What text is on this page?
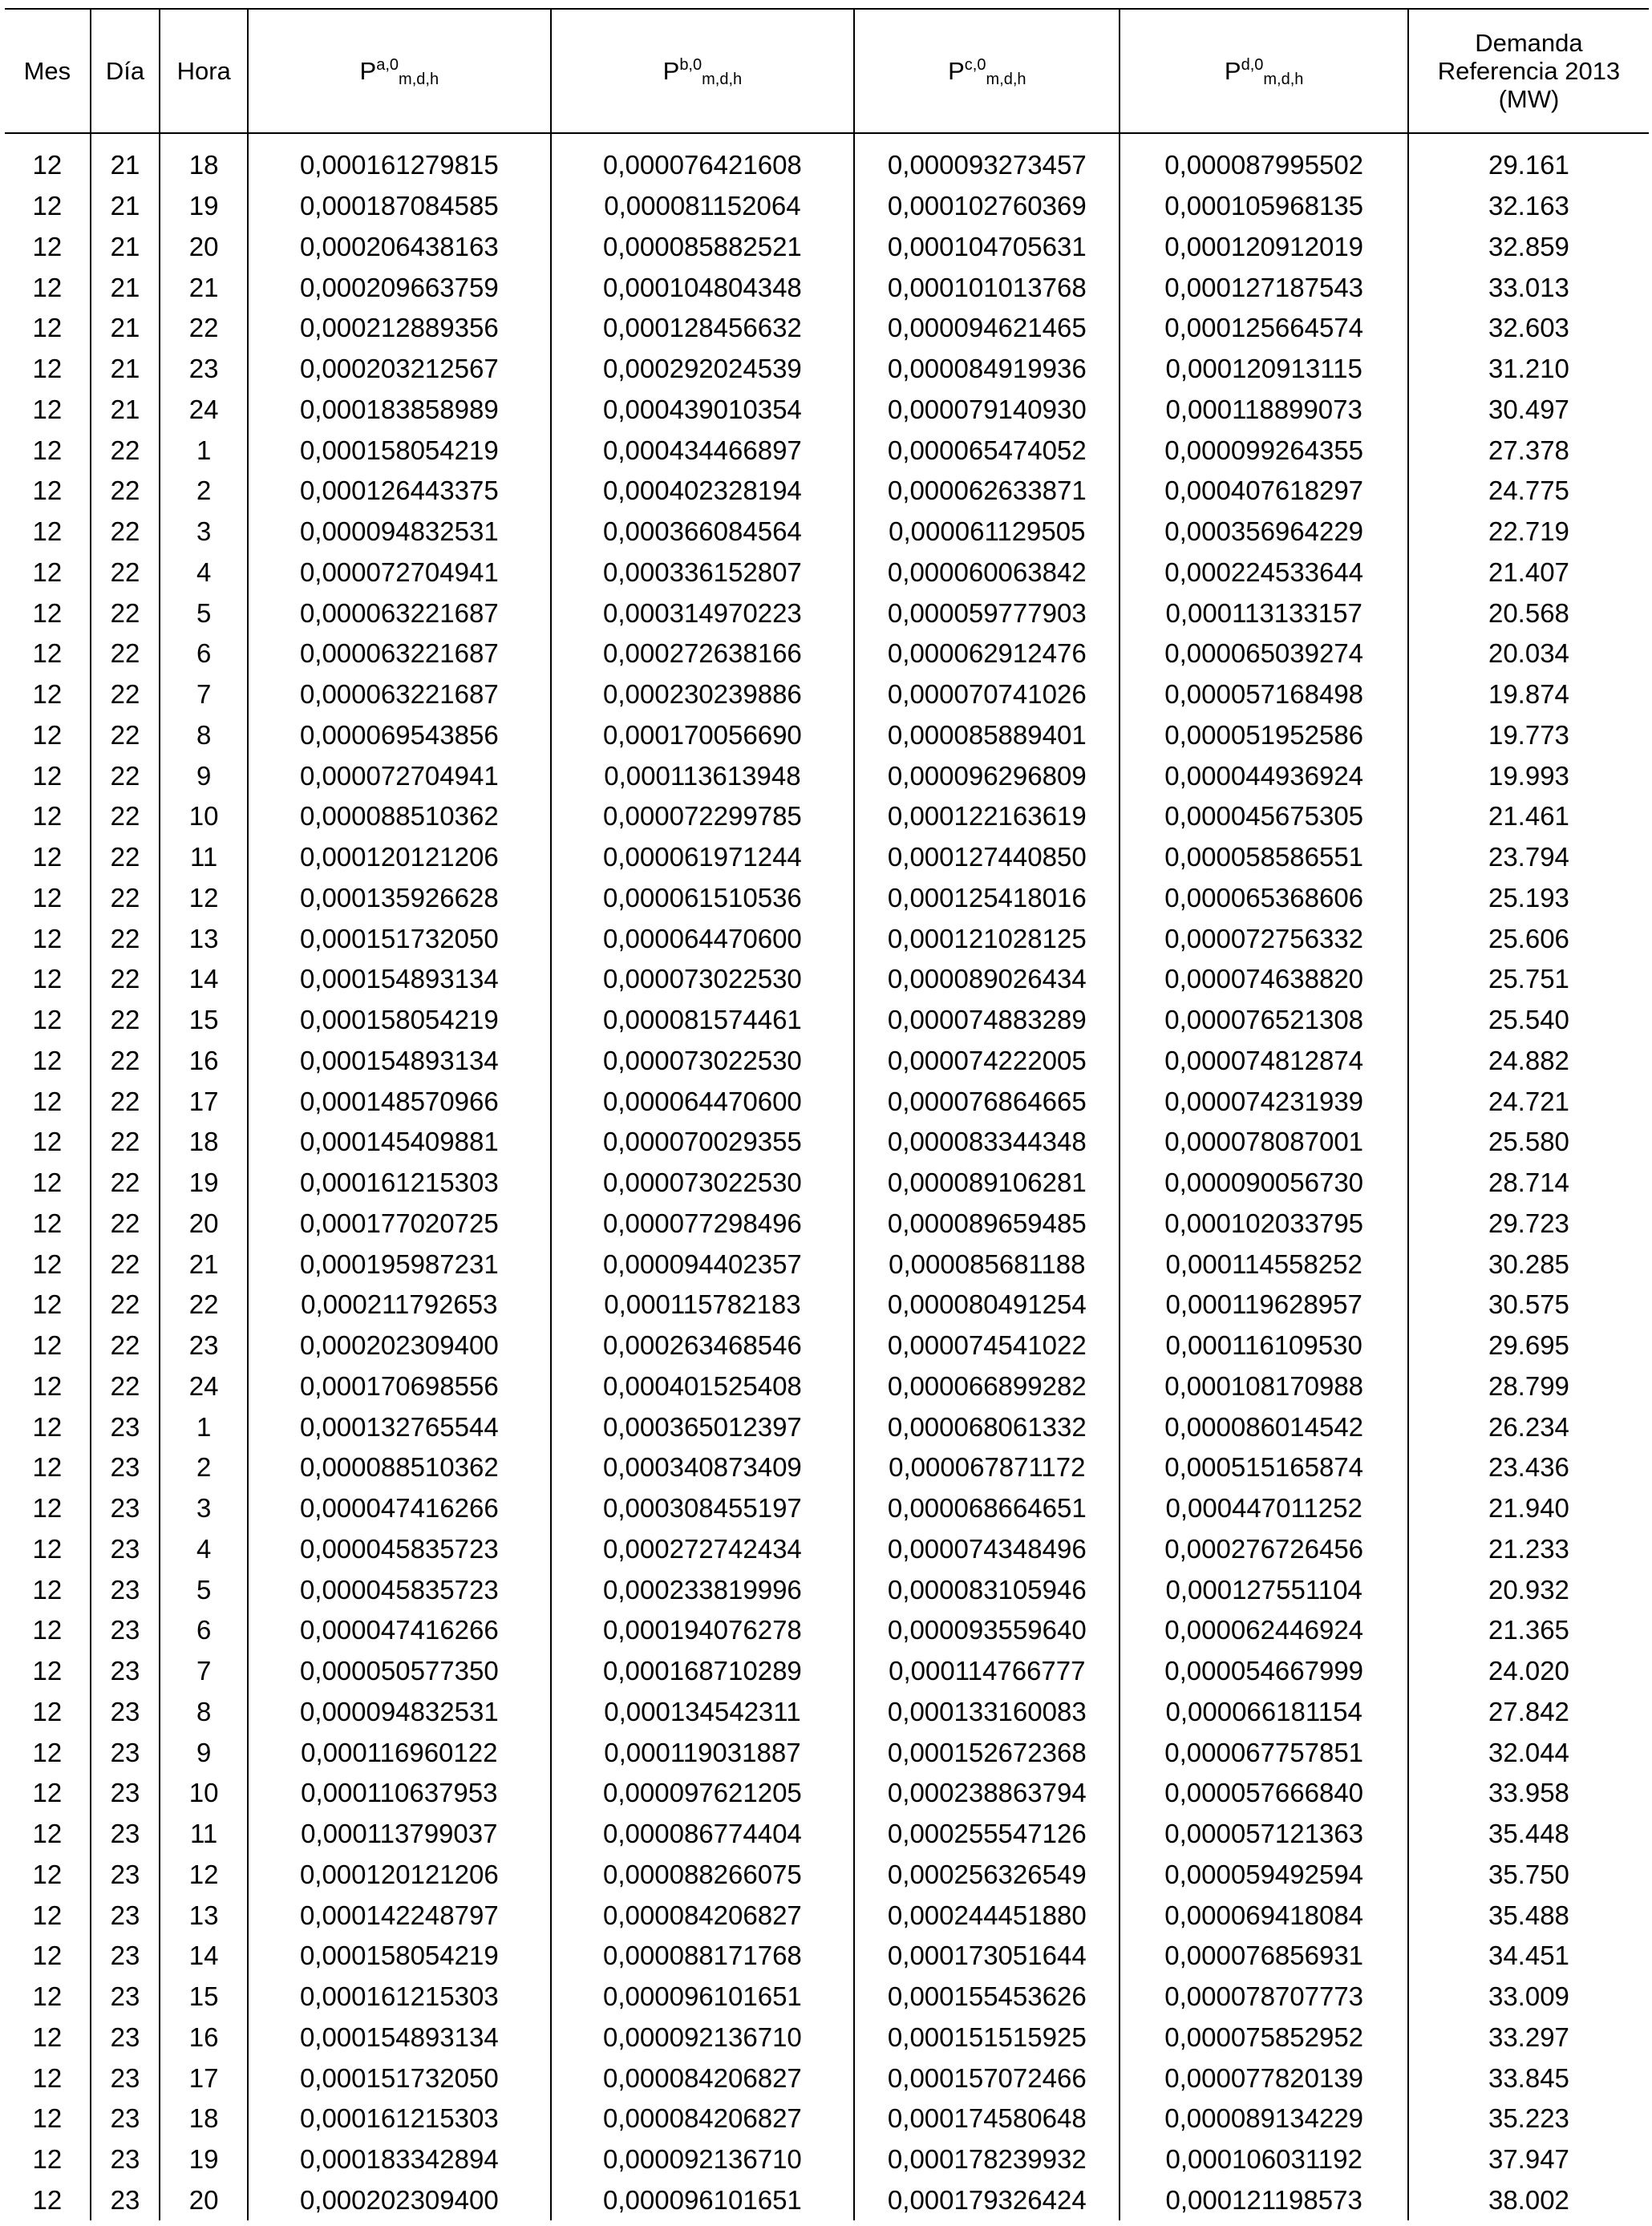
Mes	Día	Hora	P$^{a,0}_{m,d,h}$	P$^{b,0}_{m,d,h}$	P$^{c,0}_{m,d,h}$	P$^{d,0}_{m,d,h}$	Demanda
Referencia 2013
(MW)

12	21	18	0,000161279815	0,000076421608	0,000093273457	0,000087995502	29.161
12	21	19	0,000187084585	0,000081152064	0,000102760369	0,000105968135	32.163
12	21	20	0,000206438163	0,000085882521	0,000104705631	0,000120912019	32.859
12	21	21	0,000209663759	0,000104804348	0,000101013768	0,000127187543	33.013
12	21	22	0,000212889356	0,000128456632	0,000094621465	0,000125664574	32.603
12	21	23	0,000203212567	0,000292024539	0,000084919936	0,000120913115	31.210
12	21	24	0,000183858989	0,000439010354	0,000079140930	0,000118899073	30.497
12	22	1	0,000158054219	0,000434466897	0,000065474052	0,000099264355	27.378
12	22	2	0,000126443375	0,000402328194	0,000062633871	0,000407618297	24.775
12	22	3	0,000094832531	0,000366084564	0,000061129505	0,000356964229	22.719
12	22	4	0,000072704941	0,000336152807	0,000060063842	0,000224533644	21.407
12	22	5	0,000063221687	0,000314970223	0,000059777903	0,000113133157	20.568
12	22	6	0,000063221687	0,000272638166	0,000062912476	0,000065039274	20.034
12	22	7	0,000063221687	0,000230239886	0,000070741026	0,000057168498	19.874
12	22	8	0,000069543856	0,000170056690	0,000085889401	0,000051952586	19.773
12	22	9	0,000072704941	0,000113613948	0,000096296809	0,000044936924	19.993
12	22	10	0,000088510362	0,000072299785	0,000122163619	0,000045675305	21.461
12	22	11	0,000120121206	0,000061971244	0,000127440850	0,000058586551	23.794
12	22	12	0,000135926628	0,000061510536	0,000125418016	0,000065368606	25.193
12	22	13	0,000151732050	0,000064470600	0,000121028125	0,000072756332	25.606
12	22	14	0,000154893134	0,000073022530	0,000089026434	0,000074638820	25.751
12	22	15	0,000158054219	0,000081574461	0,000074883289	0,000076521308	25.540
12	22	16	0,000154893134	0,000073022530	0,000074222005	0,000074812874	24.882
12	22	17	0,000148570966	0,000064470600	0,000076864665	0,000074231939	24.721
12	22	18	0,000145409881	0,000070029355	0,000083344348	0,000078087001	25.580
12	22	19	0,000161215303	0,000073022530	0,000089106281	0,000090056730	28.714
12	22	20	0,000177020725	0,000077298496	0,000089659485	0,000102033795	29.723
12	22	21	0,000195987231	0,000094402357	0,000085681188	0,000114558252	30.285
12	22	22	0,000211792653	0,000115782183	0,000080491254	0,000119628957	30.575
12	22	23	0,000202309400	0,000263468546	0,000074541022	0,000116109530	29.695
12	22	24	0,000170698556	0,000401525408	0,000066899282	0,000108170988	28.799
12	23	1	0,000132765544	0,000365012397	0,000068061332	0,000086014542	26.234
12	23	2	0,000088510362	0,000340873409	0,000067871172	0,000515165874	23.436
12	23	3	0,000047416266	0,000308455197	0,000068664651	0,000447011252	21.940
12	23	4	0,000045835723	0,000272742434	0,000074348496	0,000276726456	21.233
12	23	5	0,000045835723	0,000233819996	0,000083105946	0,000127551104	20.932
12	23	6	0,000047416266	0,000194076278	0,000093559640	0,000062446924	21.365
12	23	7	0,000050577350	0,000168710289	0,000114766777	0,000054667999	24.020
12	23	8	0,000094832531	0,000134542311	0,000133160083	0,000066181154	27.842
12	23	9	0,000116960122	0,000119031887	0,000152672368	0,000067757851	32.044
12	23	10	0,000110637953	0,000097621205	0,000238863794	0,000057666840	33.958
12	23	11	0,000113799037	0,000086774404	0,000255547126	0,000057121363	35.448
12	23	12	0,000120121206	0,000088266075	0,000256326549	0,000059492594	35.750
12	23	13	0,000142248797	0,000084206827	0,000244451880	0,000069418084	35.488
12	23	14	0,000158054219	0,000088171768	0,000173051644	0,000076856931	34.451
12	23	15	0,000161215303	0,000096101651	0,000155453626	0,000078707773	33.009
12	23	16	0,000154893134	0,000092136710	0,000151515925	0,000075852952	33.297
12	23	17	0,000151732050	0,000084206827	0,000157072466	0,000077820139	33.845
12	23	18	0,000161215303	0,000084206827	0,000174580648	0,000089134229	35.223
12	23	19	0,000183342894	0,000092136710	0,000178239932	0,000106031192	37.947
12	23	20	0,000202309400	0,000096101651	0,000179326424	0,000121198573	38.002
